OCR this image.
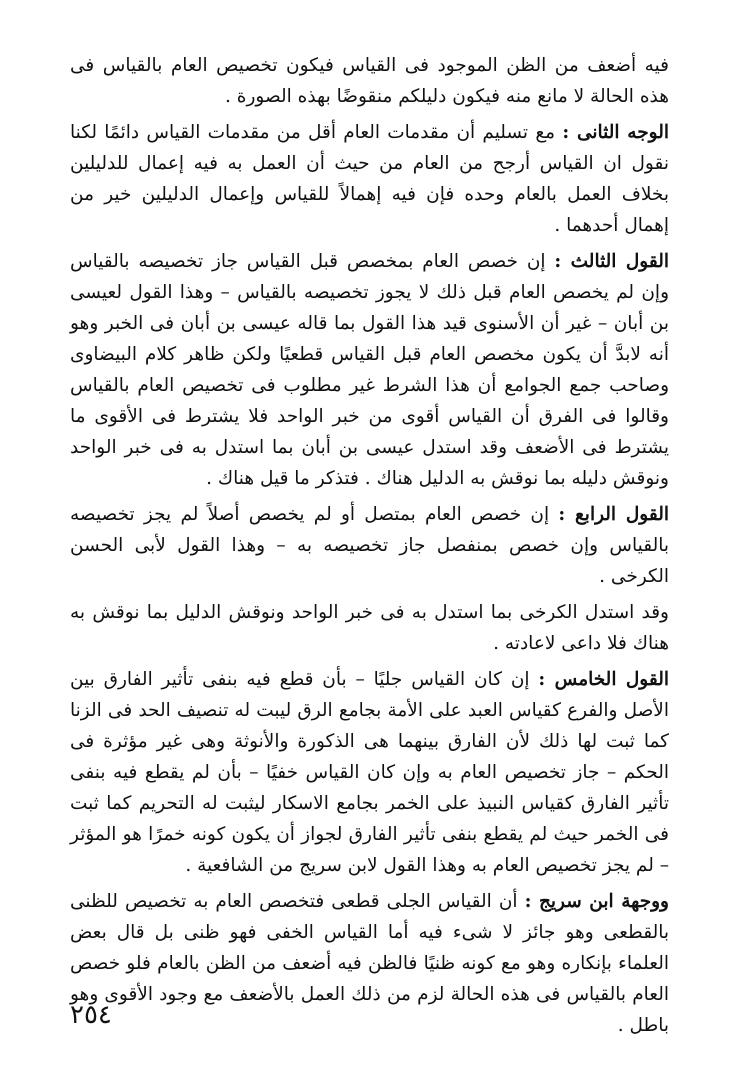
فيه أضعف من الظن الموجود فى القياس فيكون تخصيص العام بالقياس فى هذه الحالة لا مانع منه فيكون دليلكم منقوضًا بهذه الصورة .

الوجه الثانى : مع تسليم أن مقدمات العام أقل من مقدمات القياس دائمًا لكنا نقول ان القياس أرجح من العام من حيث أن العمل به فيه إعمال للدليلين بخلاف العمل بالعام وحده فإن فيه إهمالاً للقياس وإعمال الدليلين خير من إهمال أحدهما .

القول الثالث : إن خصص العام بمخصص قبل القياس جاز تخصيصه بالقياس وإن لم يخصص العام قبل ذلك لا يجوز تخصيصه بالقياس – وهذا القول لعيسى بن أبان – غير أن الأسنوى قيد هذا القول بما قاله عيسى بن أبان فى الخبر وهو أنه لابدَّ أن يكون مخصص العام قبل القياس قطعيًا ولكن ظاهر كلام البيضاوى وصاحب جمع الجوامع أن هذا الشرط غير مطلوب فى تخصيص العام بالقياس وقالوا فى الفرق أن القياس أقوى من خبر الواحد فلا يشترط فى الأقوى ما يشترط فى الأضعف وقد استدل عيسى بن أبان بما استدل به فى خبر الواحد ونوقش دليله بما نوقش به الدليل هناك . فتذكر ما قيل هناك .

القول الرابع : إن خصص العام بمتصل أو لم يخصص أصلاً لم يجز تخصيصه بالقياس وإن خصص بمنفصل جاز تخصيصه به – وهذا القول لأبى الحسن الكرخى .

وقد استدل الكرخى بما استدل به فى خبر الواحد ونوقش الدليل بما نوقش به هناك فلا داعى لاعادته .

القول الخامس : إن كان القياس جليًا – بأن قطع فيه بنفى تأثير الفارق بين الأصل والفرع كقياس العبد على الأمة بجامع الرق ليبت له تنصيف الحد فى الزنا كما ثبت لها ذلك لأن الفارق بينهما هى الذكورة والأنوثة وهى غير مؤثرة فى الحكم – جاز تخصيص العام به وإن كان القياس خفيًا – بأن لم يقطع فيه بنفى تأثير الفارق كقياس النبيذ على الخمر بجامع الاسكار ليثبت له التحريم كما ثبت فى الخمر حيث لم يقطع بنفى تأثير الفارق لجواز أن يكون كونه خمرًا هو المؤثر – لم يجز تخصيص العام به وهذا القول لابن سريج من الشافعية .

ووجهة ابن سريج : أن القياس الجلى قطعى فتخصص العام به تخصيص للظنى بالقطعى وهو جائز لا شىء فيه أما القياس الخفى فهو ظنى بل قال بعض العلماء بإنكاره وهو مع كونه ظنيًا فالظن فيه أضعف من الظن بالعام فلو خصص العام بالقياس فى هذه الحالة لزم من ذلك العمل بالأضعف مع وجود الأقوى وهو باطل .

٢٥٤
